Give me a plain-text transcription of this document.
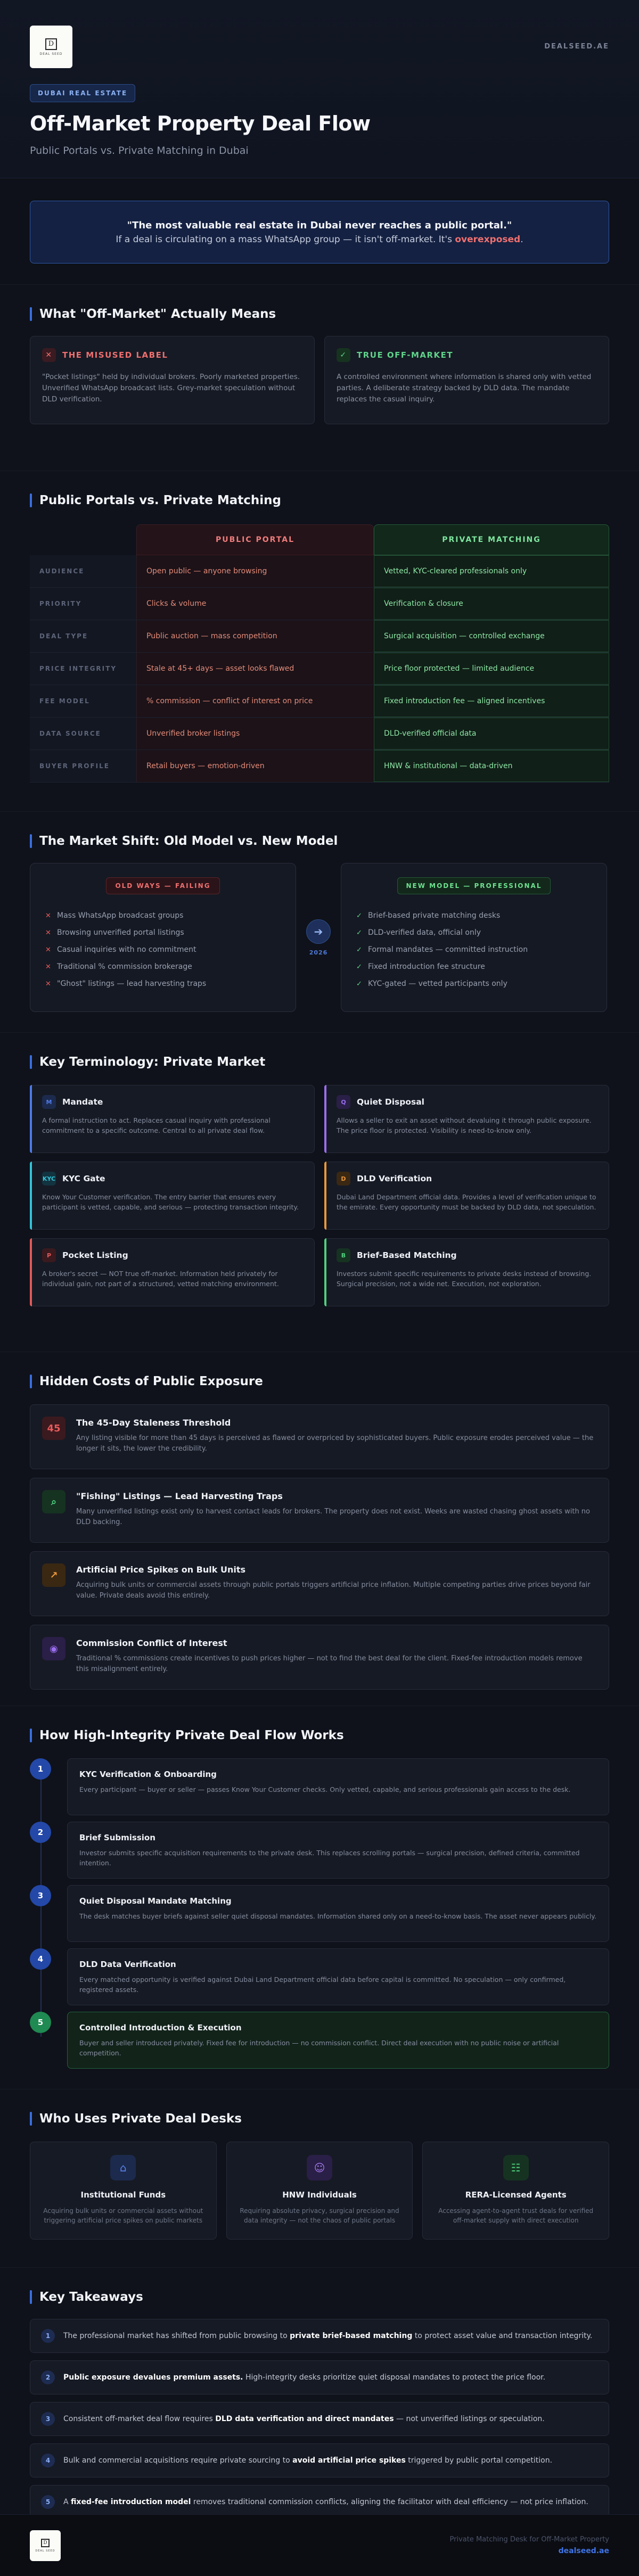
D
DEAL SEED
DEALSEED.AE
DUBAI REAL ESTATE
Off-Market Property Deal Flow
Public Portals vs. Private Matching in Dubai
"The most valuable real estate in Dubai never reaches a public portal."
If a deal is circulating on a mass WhatsApp group — it isn't off-market. It's overexposed.
What "Off-Market" Actually Means
✕	THE MISUSED LABEL

"Pocket listings" held by individual brokers. Poorly marketed properties. Unverified WhatsApp broadcast lists. Grey-market speculation without DLD verification.

✓	TRUE OFF-MARKET

A controlled environment where information is shared only with vetted parties. A deliberate strategy backed by DLD data. The mandate replaces the casual inquiry.

Public Portals vs. Private Matching
PUBLIC PORTAL	PRIVATE MATCHING
AUDIENCE	Open public — anyone browsing	Vetted, KYC-cleared professionals only
PRIORITY	Clicks & volume	Verification & closure
DEAL TYPE	Public auction — mass competition	Surgical acquisition — controlled exchange
PRICE INTEGRITY	Stale at 45+ days — asset looks flawed	Price floor protected — limited audience
FEE MODEL	% commission — conflict of interest on price	Fixed introduction fee — aligned incentives
DATA SOURCE	Unverified broker listings	DLD-verified official data
BUYER PROFILE	Retail buyers — emotion-driven	HNW & institutional — data-driven
The Market Shift: Old Model vs. New Model
OLD WAYS — FAILING
✕ Mass WhatsApp broadcast groups
✕ Browsing unverified portal listings
✕ Casual inquiries with no commitment
✕ Traditional % commission brokerage
✕ "Ghost" listings — lead harvesting traps
➔
2026
NEW MODEL — PROFESSIONAL
✓ Brief-based private matching desks
✓ DLD-verified data, official only
✓ Formal mandates — committed instruction
✓ Fixed introduction fee structure
✓ KYC-gated — vetted participants only
Key Terminology: Private Market
M	Mandate

A formal instruction to act. Replaces casual inquiry with professional commitment to a specific outcome. Central to all private deal flow.

Q	Quiet Disposal

Allows a seller to exit an asset without devaluing it through public exposure. The price floor is protected. Visibility is need-to-know only.

KYC KYC Gate

Know Your Customer verification. The entry barrier that ensures every participant is vetted, capable, and serious — protecting transaction integrity.

D	DLD Verification

Dubai Land Department official data. Provides a level of verification unique to the emirate. Every opportunity must be backed by DLD data, not speculation.

P	Pocket Listing

A broker's secret — NOT true off-market. Information held privately for individual gain, not part of a structured, vetted matching environment.

B	Brief-Based Matching

Investors submit specific requirements to private desks instead of browsing. Surgical precision, not a wide net. Execution, not exploration.

Hidden Costs of Public Exposure
45	The 45-Day Staleness Threshold

Any listing visible for more than 45 days is perceived as flawed or overpriced by sophisticated buyers. Public exposure erodes perceived value — the longer it sits, the lower the credibility.

⌕	"Fishing" Listings — Lead Harvesting Traps

Many unverified listings exist only to harvest contact leads for brokers. The property does not exist. Weeks are wasted chasing ghost assets with no DLD backing.

↗	Artificial Price Spikes on Bulk Units

Acquiring bulk units or commercial assets through public portals triggers artificial price inflation. Multiple competing parties drive prices beyond fair value. Private deals avoid this entirely.

◉	Commission Conflict of Interest

Traditional % commissions create incentives to push prices higher — not to find the best deal for the client. Fixed-fee introduction models remove this misalignment entirely.

How High-Integrity Private Deal Flow Works
1
KYC Verification & Onboarding

Every participant — buyer or seller — passes Know Your Customer checks. Only vetted, capable, and serious professionals gain access to the desk.

2
Brief Submission

Investor submits specific acquisition requirements to the private desk. This replaces scrolling portals — surgical precision, defined criteria, committed intention.

3
Quiet Disposal Mandate Matching

The desk matches buyer briefs against seller quiet disposal mandates. Information shared only on a need-to-know basis. The asset never appears publicly.

4
DLD Data Verification

Every matched opportunity is verified against Dubai Land Department official data before capital is committed. No speculation — only confirmed, registered assets.

5
Controlled Introduction & Execution

Buyer and seller introduced privately. Fixed fee for introduction — no commission conflict. Direct deal execution with no public noise or artificial competition.

Who Uses Private Deal Desks
⌂
Institutional Funds

Acquiring bulk units or commercial assets without triggering artificial price spikes on public markets

☺
HNW Individuals

Requiring absolute privacy, surgical precision and data integrity — not the chaos of public portals

☷
RERA-Licensed Agents

Accessing agent-to-agent trust deals for verified off-market supply with direct execution

Key Takeaways
1	The professional market has shifted from public browsing to private brief-based matching to protect asset value and transaction integrity.
2	Public exposure devalues premium assets. High-integrity desks prioritize quiet disposal mandates to protect the price floor.
3	Consistent off-market deal flow requires DLD data verification and direct mandates — not unverified listings or speculation.
4	Bulk and commercial acquisitions require private sourcing to avoid artificial price spikes triggered by public portal competition.
5	A fixed-fee introduction model removes traditional commission conflicts, aligning the facilitator with deal efficiency — not price inflation.
D
DEAL SEED
Private Matching Desk for Off-Market Property
dealseed.ae
